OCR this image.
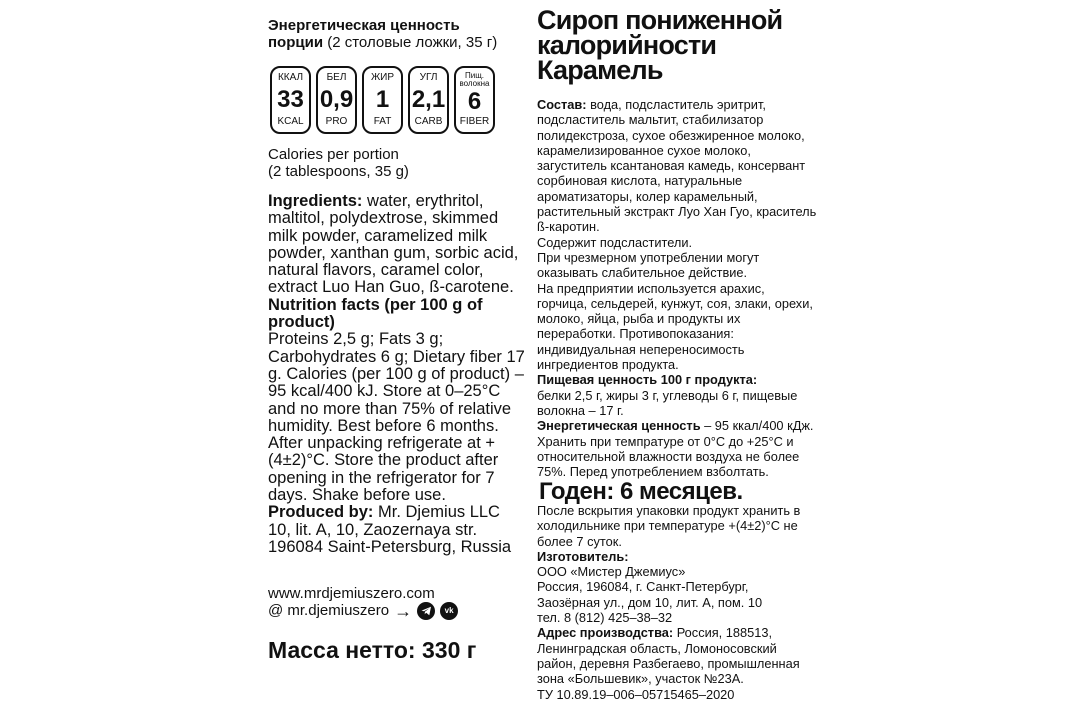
Энергетическая ценность
порции (2 столовые ложки, 35 г)
ККАЛ
33
KCAL
БЕЛ
0,9
PRO
ЖИР
1
FAT
УГЛ
2,1
CARB
Пищ. волокна
6
FIBER
Calories per portion
(2 tablespoons, 35 g)
Ingredients: water, erythritol, maltitol, polydextrose, skimmed milk powder, caramelized milk powder, xanthan gum, sorbic acid, natural flavors, caramel color, extract Luo Han Guo, ß-carotene.
Nutrition facts (per 100 g of product)
Proteins 2,5 g; Fats 3 g; Carbohydrates 6 g; Dietary fiber 17 g. Calories (per 100 g of product) – 95 kcal/400 kJ. Store at 0–25°C and no more than 75% of relative humidity. Best before 6 months. After unpacking refrigerate at +(4±2)°C. Store the product after opening in the refrigerator for 7 days. Shake before use.
Produced by: Mr. Djemius LLC
10, lit. A, 10, Zaozernaya str.
196084 Saint-Petersburg, Russia
www.mrdjemiuszero.com
@ mr.djemiuszero →	vk
Масса нетто: 330 г
Сироп пониженной
калорийности
Карамель
Состав: вода, подсластитель эритрит, подсластитель мальтит, стабилизатор полидекстроза, сухое обезжиренное молоко, карамелизированное сухое молоко, загуститель ксантановая камедь, консервант сорбиновая кислота, натуральные ароматизаторы, колер карамельный, растительный экстракт Луо Хан Гуо, краситель ß-каротин.
Содержит подсластители.
При чрезмерном употреблении могут оказывать слабительное действие.
На предприятии используется арахис, горчица, сельдерей, кунжут, соя, злаки, орехи, молоко, яйца, рыба и продукты их переработки. Противопоказания: индивидуальная непереносимость ингредиентов продукта.
Пищевая ценность 100 г продукта:
белки 2,5 г, жиры 3 г, углеводы 6 г, пищевые волокна – 17 г.
Энергетическая ценность – 95 ккал/400 кДж. Хранить при темпратуре от 0°С до +25°С и относительной влажности воздуха не более 75%. Перед употреблением взболтать.
Годен: 6 месяцев.
После вскрытия упаковки продукт хранить в холодильнике при температуре +(4±2)°С не более 7 суток.
Изготовитель:
ООО «Мистер Джемиус»
Россия, 196084, г. Санкт-Петербург,
Заозёрная ул., дом 10, лит. А, пом. 10
тел. 8 (812) 425–38–32
Адрес производства: Россия, 188513, Ленинградская область, Ломоносовский район, деревня Разбегаево, промышленная зона «Большевик», участок №23А.
ТУ 10.89.19–006–05715465–2020
